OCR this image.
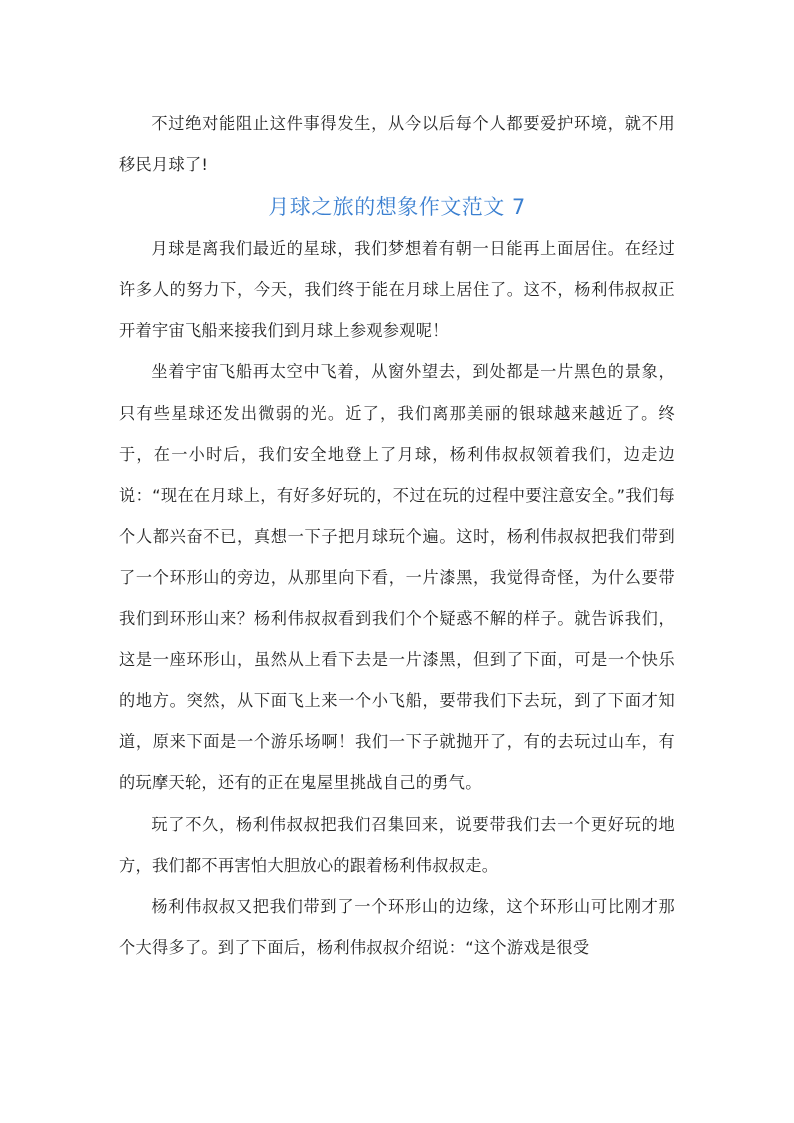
不过绝对能阻止这件事得发生，从今以后每个人都要爱护环境，就不用移民月球了!

月球之旅的想象作文范文 7

月球是离我们最近的星球，我们梦想着有朝一日能再上面居住。在经过许多人的努力下，今天，我们终于能在月球上居住了。这不，杨利伟叔叔正开着宇宙飞船来接我们到月球上参观参观呢！

坐着宇宙飞船再太空中飞着，从窗外望去，到处都是一片黑色的景象，只有些星球还发出微弱的光。近了，我们离那美丽的银球越来越近了。终于，在一小时后，我们安全地登上了月球，杨利伟叔叔领着我们，边走边说：“现在在月球上，有好多好玩的，不过在玩的过程中要注意安全。”我们每个人都兴奋不已，真想一下子把月球玩个遍。这时，杨利伟叔叔把我们带到了一个环形山的旁边，从那里向下看，一片漆黑，我觉得奇怪，为什么要带我们到环形山来？杨利伟叔叔看到我们个个疑惑不解的样子。就告诉我们，这是一座环形山，虽然从上看下去是一片漆黑，但到了下面，可是一个快乐的地方。突然，从下面飞上来一个小飞船，要带我们下去玩，到了下面才知道，原来下面是一个游乐场啊！我们一下子就抛开了，有的去玩过山车，有的玩摩天轮，还有的正在鬼屋里挑战自己的勇气。

玩了不久，杨利伟叔叔把我们召集回来，说要带我们去一个更好玩的地方，我们都不再害怕大胆放心的跟着杨利伟叔叔走。

杨利伟叔叔又把我们带到了一个环形山的边缘，这个环形山可比刚才那个大得多了。到了下面后，杨利伟叔叔介绍说：“这个游戏是很受
